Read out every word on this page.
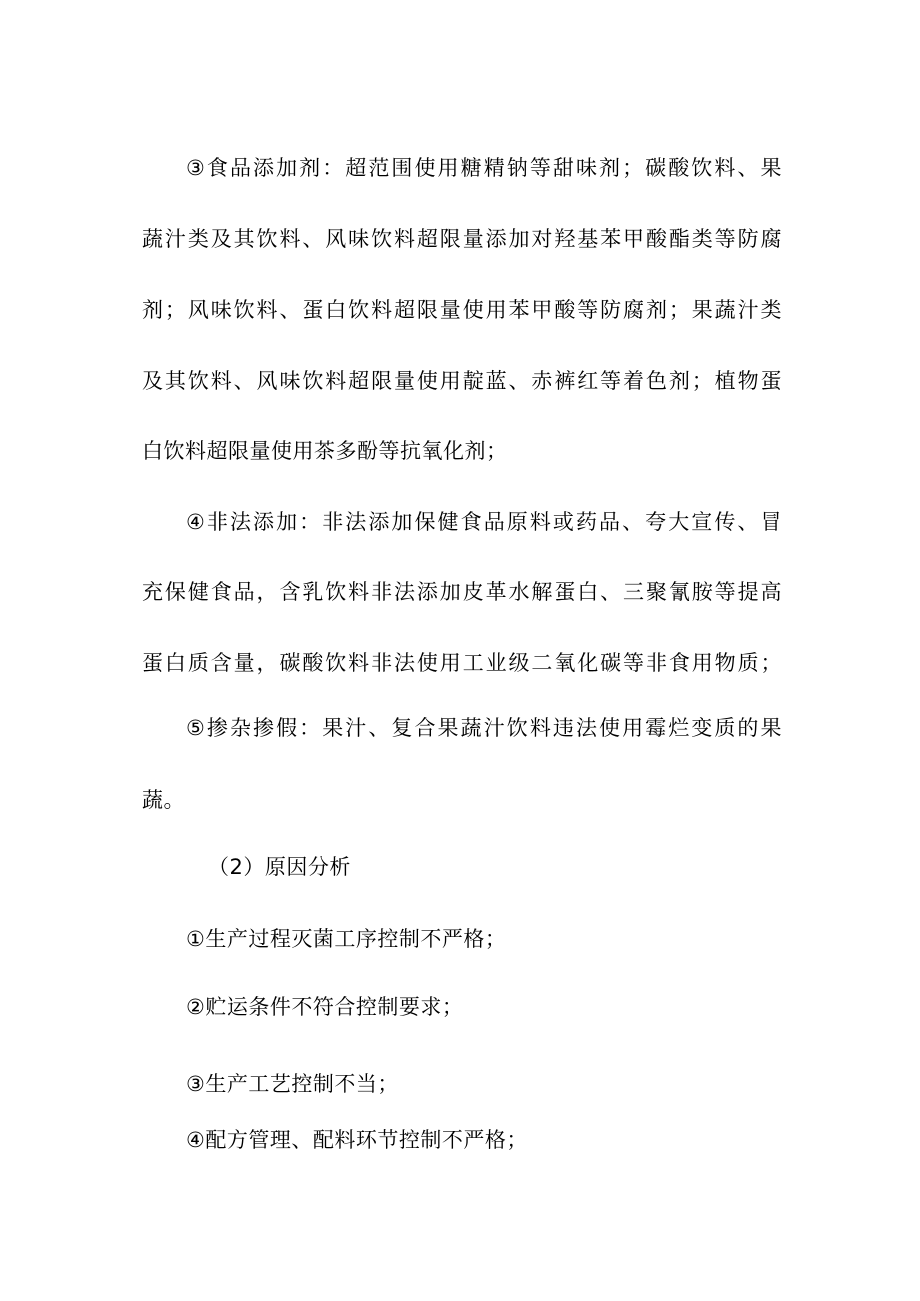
③食品添加剂：超范围使用糖精钠等甜味剂；碳酸饮料、果
蔬汁类及其饮料、风味饮料超限量添加对羟基苯甲酸酯类等防腐
剂；风味饮料、蛋白饮料超限量使用苯甲酸等防腐剂；果蔬汁类
及其饮料、风味饮料超限量使用靛蓝、赤裤红等着色剂；植物蛋
白饮料超限量使用茶多酚等抗氧化剂；
④非法添加：非法添加保健食品原料或药品、夸大宣传、冒
充保健食品，含乳饮料非法添加皮革水解蛋白、三聚氰胺等提高
蛋白质含量，碳酸饮料非法使用工业级二氧化碳等非食用物质；
⑤掺杂掺假：果汁、复合果蔬汁饮料违法使用霉烂变质的果
蔬。
（2）原因分析
①生产过程灭菌工序控制不严格；
②贮运条件不符合控制要求；
③生产工艺控制不当；
④配方管理、配料环节控制不严格；
